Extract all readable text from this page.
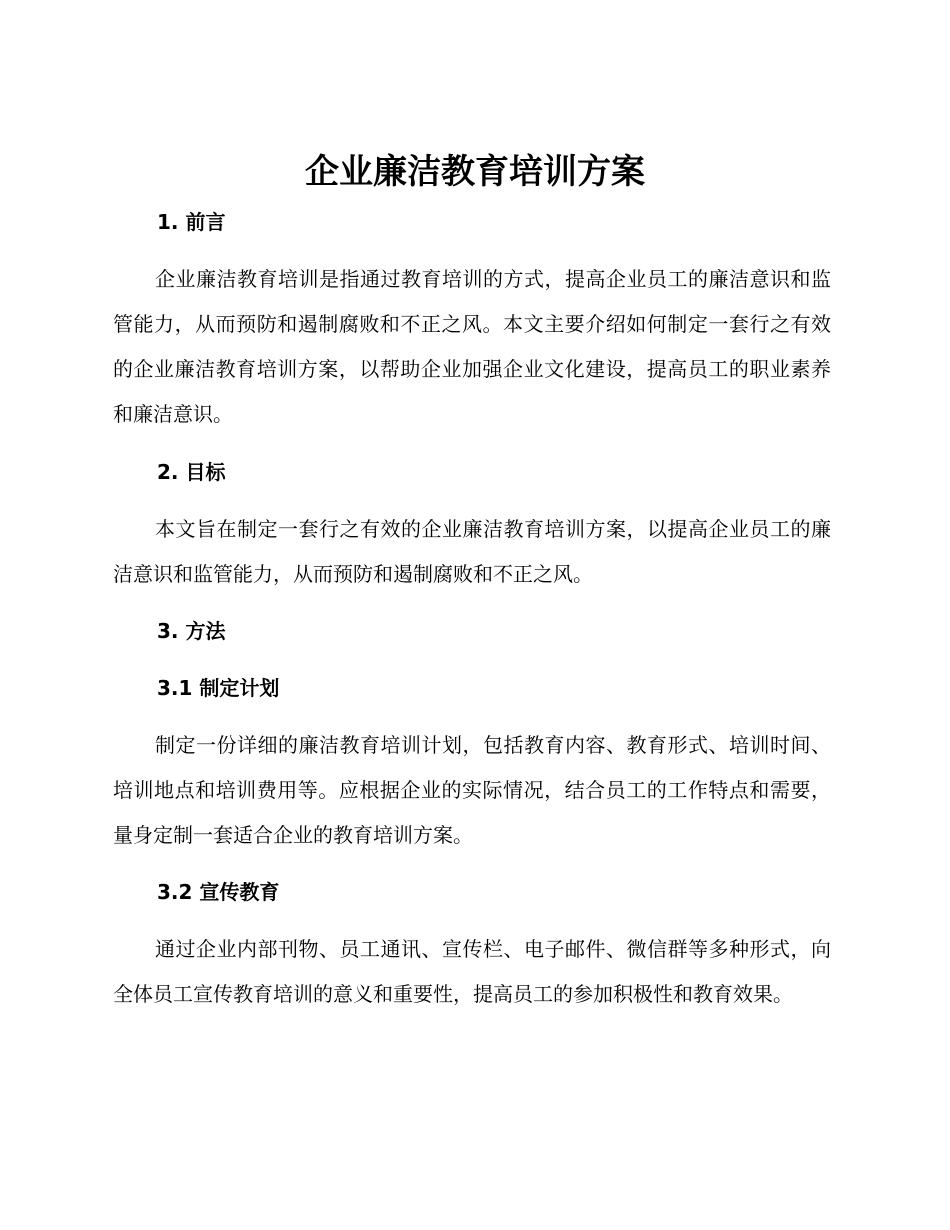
企业廉洁教育培训方案
1. 前言
企业廉洁教育培训是指通过教育培训的方式，提高企业员工的廉洁意识和监管能力，从而预防和遏制腐败和不正之风。本文主要介绍如何制定一套行之有效的企业廉洁教育培训方案，以帮助企业加强企业文化建设，提高员工的职业素养和廉洁意识。
2. 目标
本文旨在制定一套行之有效的企业廉洁教育培训方案，以提高企业员工的廉洁意识和监管能力，从而预防和遏制腐败和不正之风。
3. 方法
3.1 制定计划
制定一份详细的廉洁教育培训计划，包括教育内容、教育形式、培训时间、培训地点和培训费用等。应根据企业的实际情况，结合员工的工作特点和需要，量身定制一套适合企业的教育培训方案。
3.2 宣传教育
通过企业内部刊物、员工通讯、宣传栏、电子邮件、微信群等多种形式，向全体员工宣传教育培训的意义和重要性，提高员工的参加积极性和教育效果。
